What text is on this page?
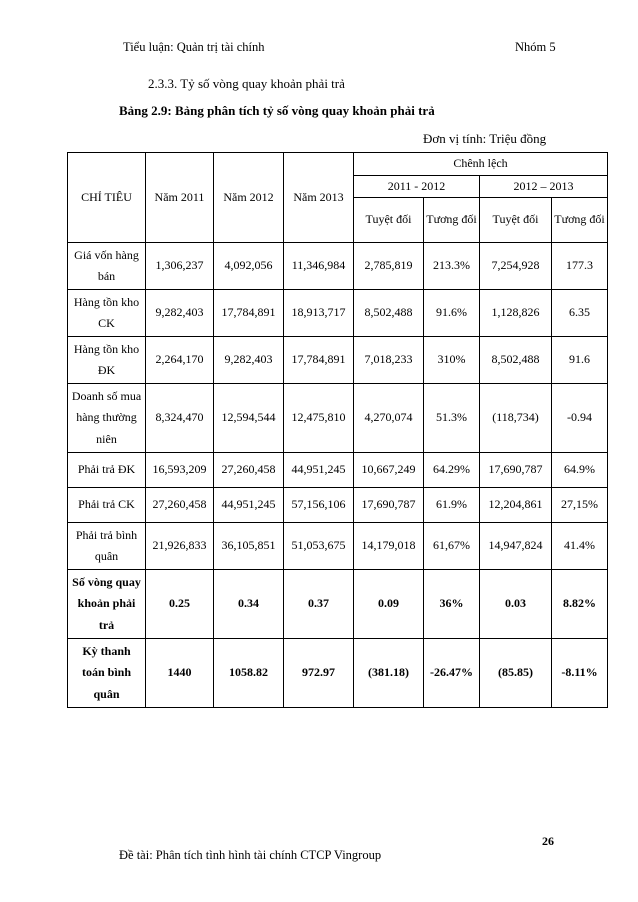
Tiểu luận: Quản trị tài chính	Nhóm 5
2.3.3. Tỷ số vòng quay khoản phải trả
Bảng 2.9: Bảng phân tích tỷ số vòng quay khoản phải trả
Đơn vị tính: Triệu đồng
CHỈ TIÊU	Năm 2011	Năm 2012	Năm 2013	Chênh lệch			
				2011 - 2012		2012 – 2013	
				Tuyệt đối	Tương đối	Tuyệt đối	Tương đối
Giá vốn hàng bán	1,306,237	4,092,056	11,346,984	2,785,819	213.3%	7,254,928	177.3
Hàng tồn kho CK	9,282,403	17,784,891	18,913,717	8,502,488	91.6%	1,128,826	6.35
Hàng tồn kho ĐK	2,264,170	9,282,403	17,784,891	7,018,233	310%	8,502,488	91.6
Doanh số mua hàng thường niên	8,324,470	12,594,544	12,475,810	4,270,074	51.3%	(118,734)	-0.94
Phải trả ĐK	16,593,209	27,260,458	44,951,245	10,667,249	64.29%	17,690,787	64.9%
Phải trả CK	27,260,458	44,951,245	57,156,106	17,690,787	61.9%	12,204,861	27,15%
Phải trả bình quân	21,926,833	36,105,851	51,053,675	14,179,018	61,67%	14,947,824	41.4%
Số vòng quay khoản phải trả	0.25	0.34	0.37	0.09	36%	0.03	8.82%
Kỳ thanh toán bình quân	1440	1058.82	972.97	(381.18)	-26.47%	(85.85)	-8.11%
26
Đề tài: Phân tích tình hình tài chính CTCP Vingroup
